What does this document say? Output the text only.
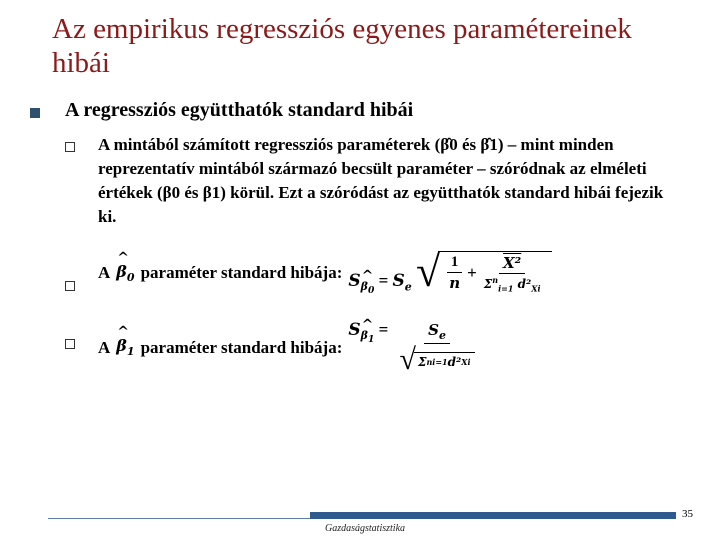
Az empirikus regressziós egyenes paramétereinek hibái
A regressziós együtthatók standard hibái
A mintából számított regressziós paraméterek (β̂0 és β̂1) – mint minden reprezentatív mintából származó becsült paraméter – szóródnak az elméleti értékek (β0 és β1) körül. Ezt a szóródást az együtthatók standard hibái fejezik ki.
A ^ $\beta_0$ paraméter standard hibája: S^ $_{\beta_0} = S_e$ √ $\frac{1}{n} + \frac{\text{X²}}{\Sigma^n_{i=1} d^2_{Xi}}$
A ^ $\beta_1$ paraméter standard hibája:
S^ $_{\beta_1} = \frac{S_e}{\text{√ Σ n i=1 d² Xi}}$
35
Gazdaságstatisztika
